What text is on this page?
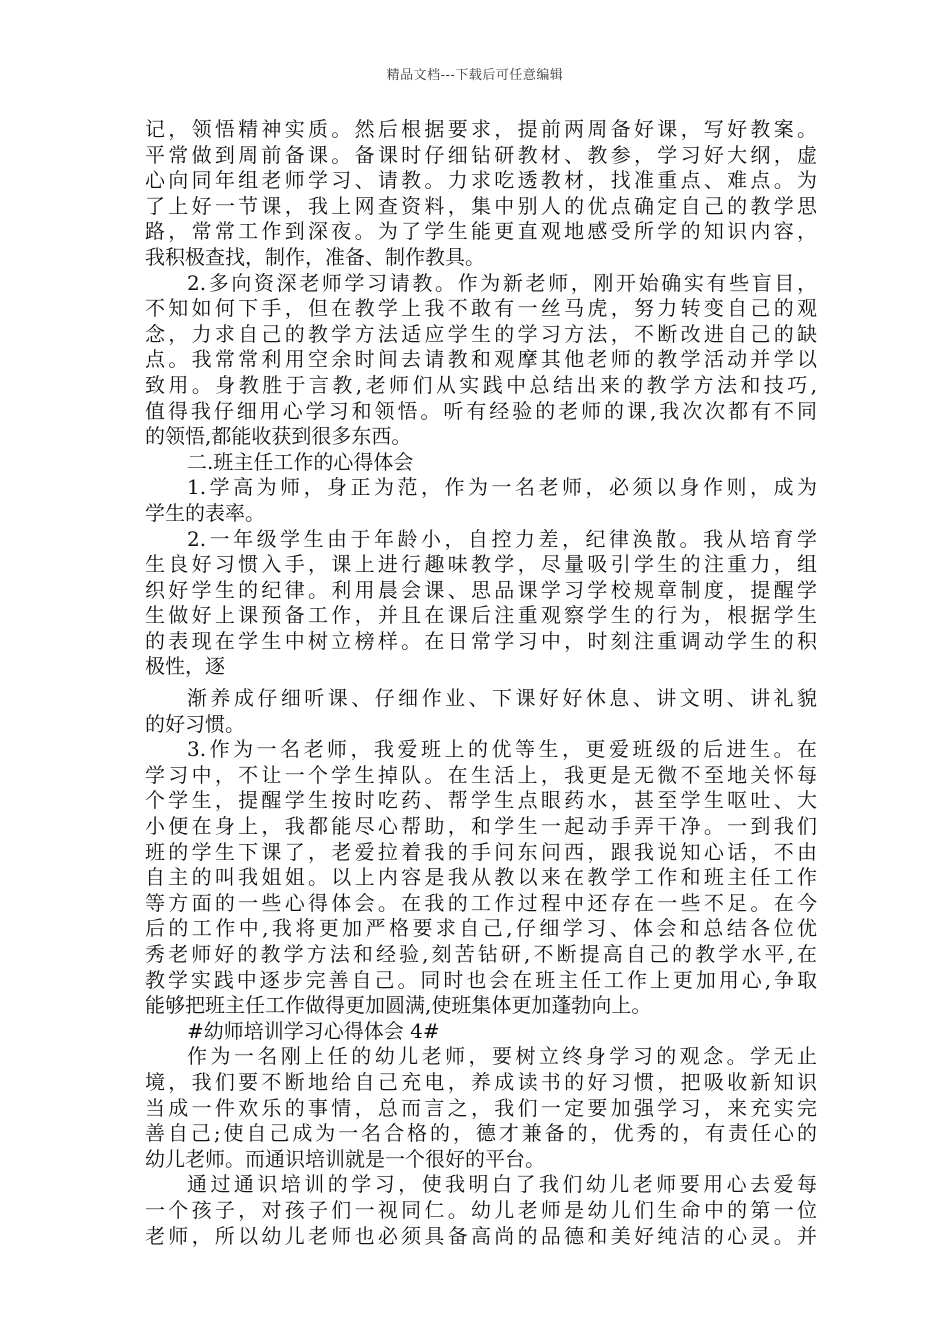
精品文档---下载后可任意编辑
记，领悟精神实质。然后根据要求，提前两周备好课，写好教案。
平常做到周前备课。备课时仔细钻研教材、教参，学习好大纲，虚
心向同年组老师学习、请教。力求吃透教材，找准重点、难点。为
了上好一节课，我上网查资料，集中别人的优点确定自己的教学思
路，常常工作到深夜。为了学生能更直观地感受所学的知识内容，
我积极查找，制作，准备、制作教具。
2.多向资深老师学习请教。作为新老师，刚开始确实有些盲目，
不知如何下手，但在教学上我不敢有一丝马虎，努力转变自己的观
念，力求自己的教学方法适应学生的学习方法，不断改进自己的缺
点。我常常利用空余时间去请教和观摩其他老师的教学活动并学以
致用。身教胜于言教,老师们从实践中总结出来的教学方法和技巧,
值得我仔细用心学习和领悟。听有经验的老师的课,我次次都有不同
的领悟,都能收获到很多东西。
二.班主任工作的心得体会
1.学高为师，身正为范，作为一名老师，必须以身作则，成为
学生的表率。
2.一年级学生由于年龄小，自控力差，纪律涣散。我从培育学
生良好习惯入手，课上进行趣味教学，尽量吸引学生的注重力，组
织好学生的纪律。利用晨会课、思品课学习学校规章制度，提醒学
生做好上课预备工作，并且在课后注重观察学生的行为，根据学生
的表现在学生中树立榜样。在日常学习中，时刻注重调动学生的积
极性，逐
渐养成仔细听课、仔细作业、下课好好休息、讲文明、讲礼貌
的好习惯。
3.作为一名老师，我爱班上的优等生，更爱班级的后进生。在
学习中，不让一个学生掉队。在生活上，我更是无微不至地关怀每
个学生，提醒学生按时吃药、帮学生点眼药水，甚至学生呕吐、大
小便在身上，我都能尽心帮助，和学生一起动手弄干净。一到我们
班的学生下课了，老爱拉着我的手问东问西，跟我说知心话，不由
自主的叫我姐姐。以上内容是我从教以来在教学工作和班主任工作
等方面的一些心得体会。在我的工作过程中还存在一些不足。在今
后的工作中,我将更加严格要求自己,仔细学习、体会和总结各位优
秀老师好的教学方法和经验,刻苦钻研,不断提高自己的教学水平,在
教学实践中逐步完善自己。同时也会在班主任工作上更加用心,争取
能够把班主任工作做得更加圆满,使班集体更加蓬勃向上。
#幼师培训学习心得体会 4#
作为一名刚上任的幼儿老师，要树立终身学习的观念。学无止
境，我们要不断地给自己充电，养成读书的好习惯，把吸收新知识
当成一件欢乐的事情，总而言之，我们一定要加强学习，来充实完
善自己;使自己成为一名合格的，德才兼备的，优秀的，有责任心的
幼儿老师。而通识培训就是一个很好的平台。
通过通识培训的学习，使我明白了我们幼儿老师要用心去爱每
一个孩子，对孩子们一视同仁。幼儿老师是幼儿们生命中的第一位
老师，所以幼儿老师也必须具备高尚的品德和美好纯洁的心灵。并
